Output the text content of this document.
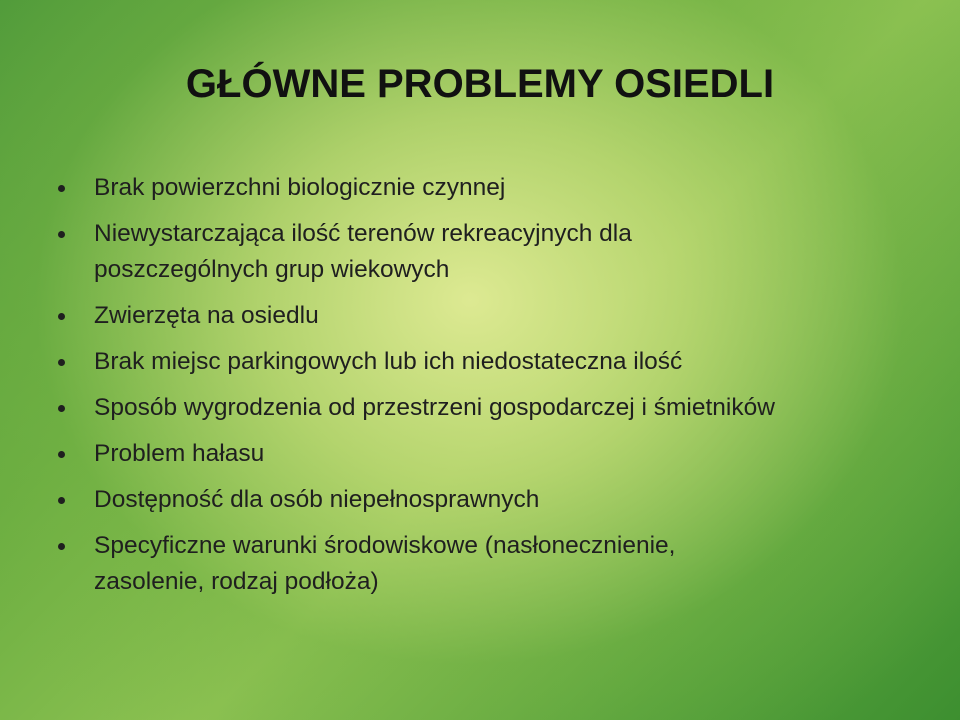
GŁÓWNE PROBLEMY OSIEDLI
Brak powierzchni biologicznie czynnej
Niewystarczająca ilość terenów rekreacyjnych dla
poszczególnych grup wiekowych
Zwierzęta na osiedlu
Brak miejsc parkingowych lub ich niedostateczna ilość
Sposób wygrodzenia od przestrzeni gospodarczej i śmietników
Problem hałasu
Dostępność dla osób niepełnosprawnych
Specyficzne warunki środowiskowe (nasłonecznienie,
zasolenie, rodzaj podłoża)
